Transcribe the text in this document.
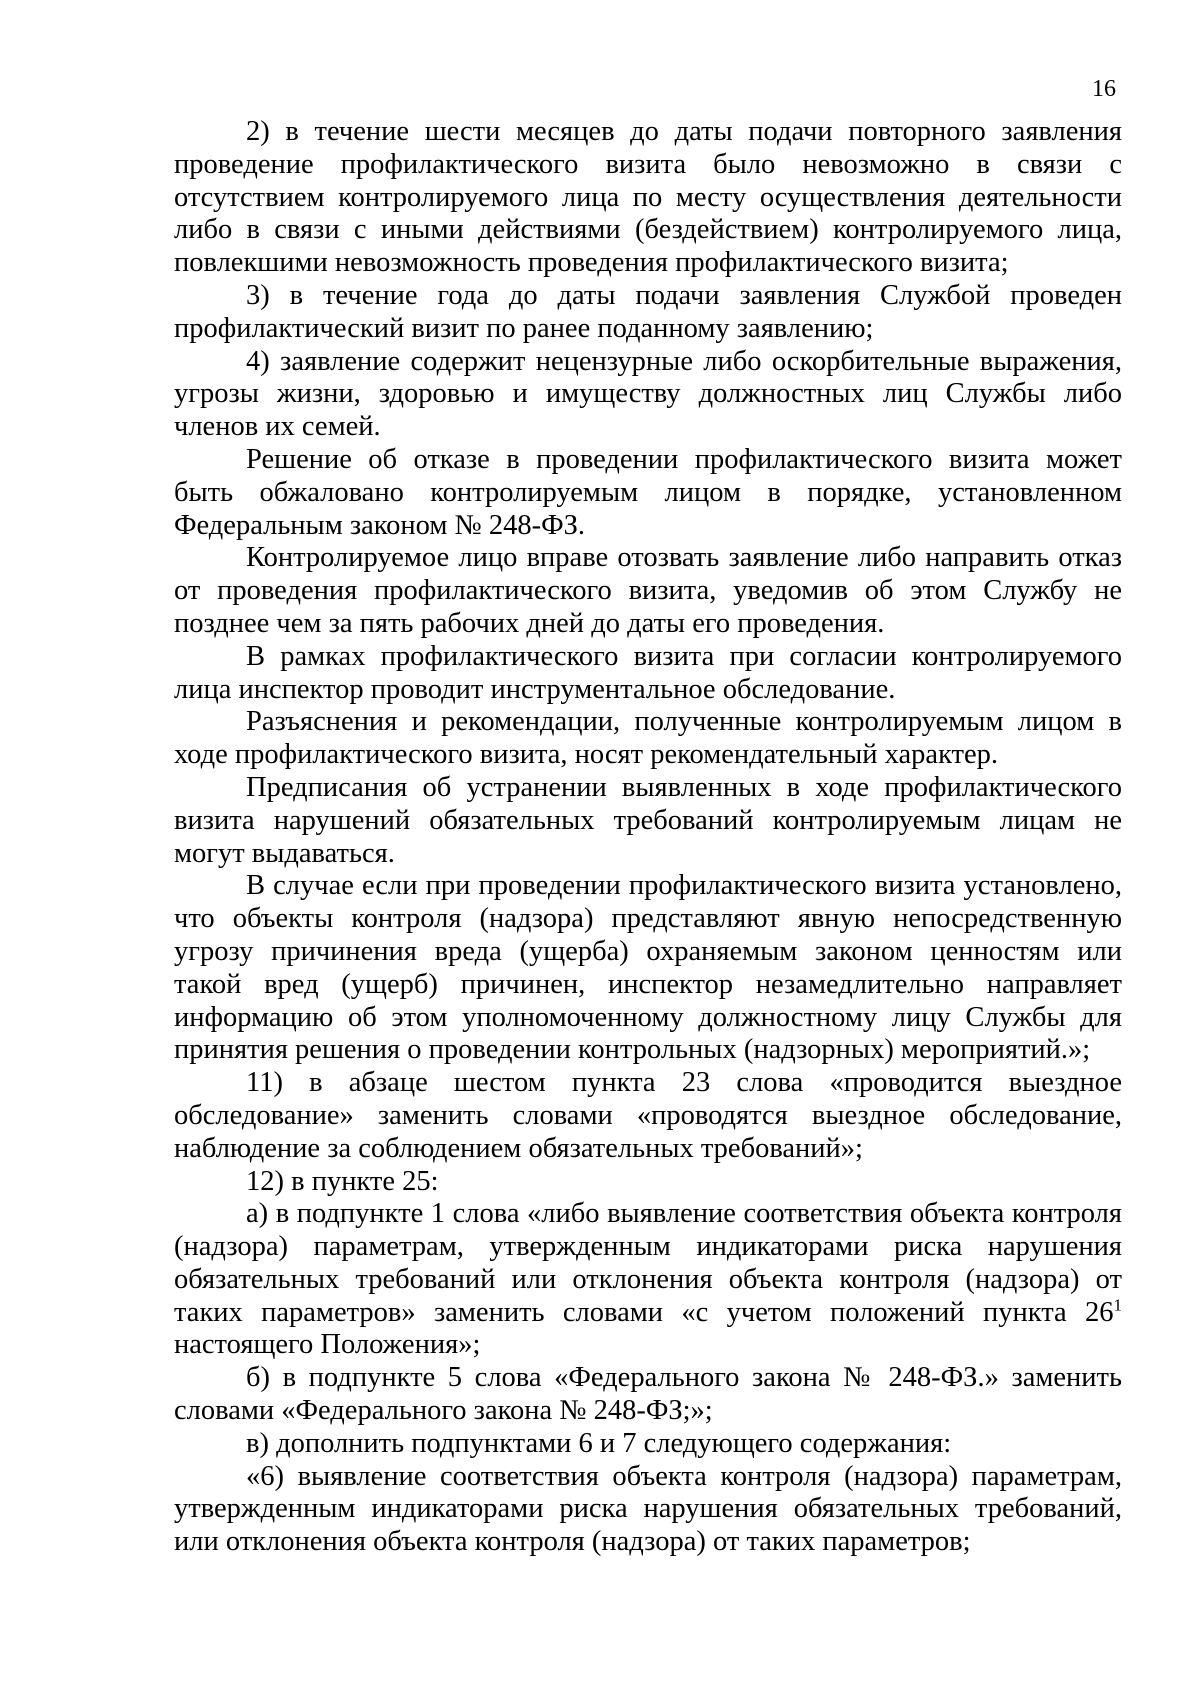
16

2) в течение шести месяцев до даты подачи повторного заявления проведение профилактического визита было невозможно в связи с отсутствием контролируемого лица по месту осуществления деятельности либо в связи с иными действиями (бездействием) контролируемого лица, повлекшими невозможность проведения профилактического визита;

3) в течение года до даты подачи заявления Службой проведен профилактический визит по ранее поданному заявлению;

4) заявление содержит нецензурные либо оскорбительные выражения, угрозы жизни, здоровью и имуществу должностных лиц Службы либо членов их семей.

Решение об отказе в проведении профилактического визита может быть обжаловано контролируемым лицом в порядке, установленном Федеральным законом № 248-ФЗ.

Контролируемое лицо вправе отозвать заявление либо направить отказ от проведения профилактического визита, уведомив об этом Службу не позднее чем за пять рабочих дней до даты его проведения.

В рамках профилактического визита при согласии контролируемого лица инспектор проводит инструментальное обследование.

Разъяснения и рекомендации, полученные контролируемым лицом в ходе профилактического визита, носят рекомендательный характер.

Предписания об устранении выявленных в ходе профилактического визита нарушений обязательных требований контролируемым лицам не могут выдаваться.

В случае если при проведении профилактического визита установлено, что объекты контроля (надзора) представляют явную непосредственную угрозу причинения вреда (ущерба) охраняемым законом ценностям или такой вред (ущерб) причинен, инспектор незамедлительно направляет информацию об этом уполномоченному должностному лицу Службы для принятия решения о проведении контрольных (надзорных) мероприятий.»;

11) в абзаце шестом пункта 23 слова «проводится выездное обследование» заменить словами «проводятся выездное обследование, наблюдение за соблюдением обязательных требований»;

12) в пункте 25:

а) в подпункте 1 слова «либо выявление соответствия объекта контроля (надзора) параметрам, утвержденным индикаторами риска нарушения обязательных требований или отклонения объекта контроля (надзора) от таких параметров» заменить словами «с учетом положений пункта $26^1$ настоящего Положения»;

б) в подпункте 5 слова «Федерального закона № 248-ФЗ.» заменить словами «Федерального закона № 248-ФЗ;»;

в) дополнить подпунктами 6 и 7 следующего содержания:

«6) выявление соответствия объекта контроля (надзора) параметрам, утвержденным индикаторами риска нарушения обязательных требований, или отклонения объекта контроля (надзора) от таких параметров;
